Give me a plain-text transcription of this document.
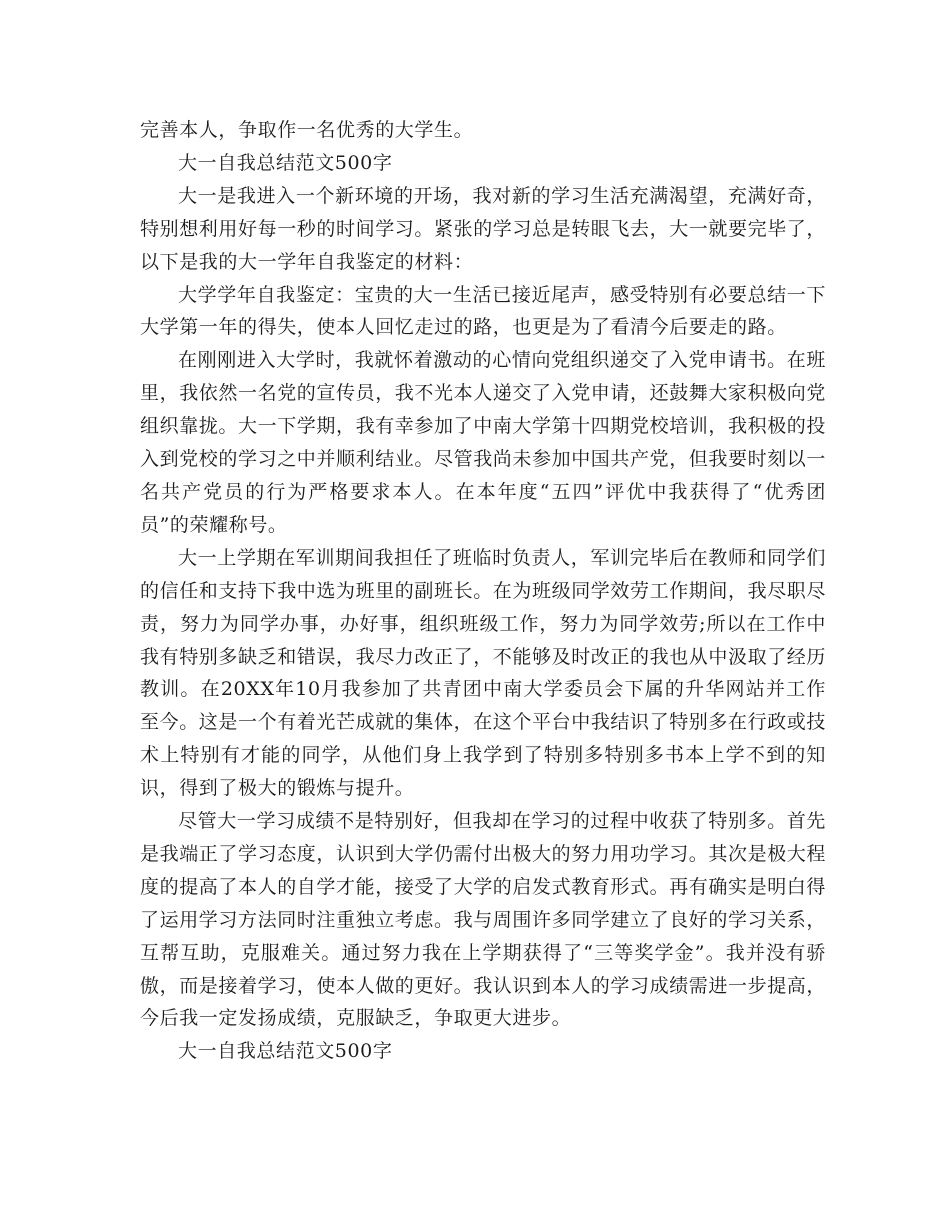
完善本人，争取作一名优秀的大学生。

大一自我总结范文500字

大一是我进入一个新环境的开场，我对新的学习生活充满渴望，充满好奇，特别想利用好每一秒的时间学习。紧张的学习总是转眼飞去，大一就要完毕了，以下是我的大一学年自我鉴定的材料：

大学学年自我鉴定：宝贵的大一生活已接近尾声，感受特别有必要总结一下大学第一年的得失，使本人回忆走过的路，也更是为了看清今后要走的路。

在刚刚进入大学时，我就怀着激动的心情向党组织递交了入党申请书。在班里，我依然一名党的宣传员，我不光本人递交了入党申请，还鼓舞大家积极向党组织靠拢。大一下学期，我有幸参加了中南大学第十四期党校培训，我积极的投入到党校的学习之中并顺利结业。尽管我尚未参加中国共产党，但我要时刻以一名共产党员的行为严格要求本人。在本年度“五四”评优中我获得了“优秀团员”的荣耀称号。

大一上学期在军训期间我担任了班临时负责人，军训完毕后在教师和同学们的信任和支持下我中选为班里的副班长。在为班级同学效劳工作期间，我尽职尽责，努力为同学办事，办好事，组织班级工作，努力为同学效劳;所以在工作中我有特别多缺乏和错误，我尽力改正了，不能够及时改正的我也从中汲取了经历教训。在20XX年10月我参加了共青团中南大学委员会下属的升华网站并工作至今。这是一个有着光芒成就的集体，在这个平台中我结识了特别多在行政或技术上特别有才能的同学，从他们身上我学到了特别多特别多书本上学不到的知识，得到了极大的锻炼与提升。

尽管大一学习成绩不是特别好，但我却在学习的过程中收获了特别多。首先是我端正了学习态度，认识到大学仍需付出极大的努力用功学习。其次是极大程度的提高了本人的自学才能，接受了大学的启发式教育形式。再有确实是明白得了运用学习方法同时注重独立考虑。我与周围许多同学建立了良好的学习关系，互帮互助，克服难关。通过努力我在上学期获得了“三等奖学金”。我并没有骄傲，而是接着学习，使本人做的更好。我认识到本人的学习成绩需进一步提高，今后我一定发扬成绩，克服缺乏，争取更大进步。

大一自我总结范文500字
